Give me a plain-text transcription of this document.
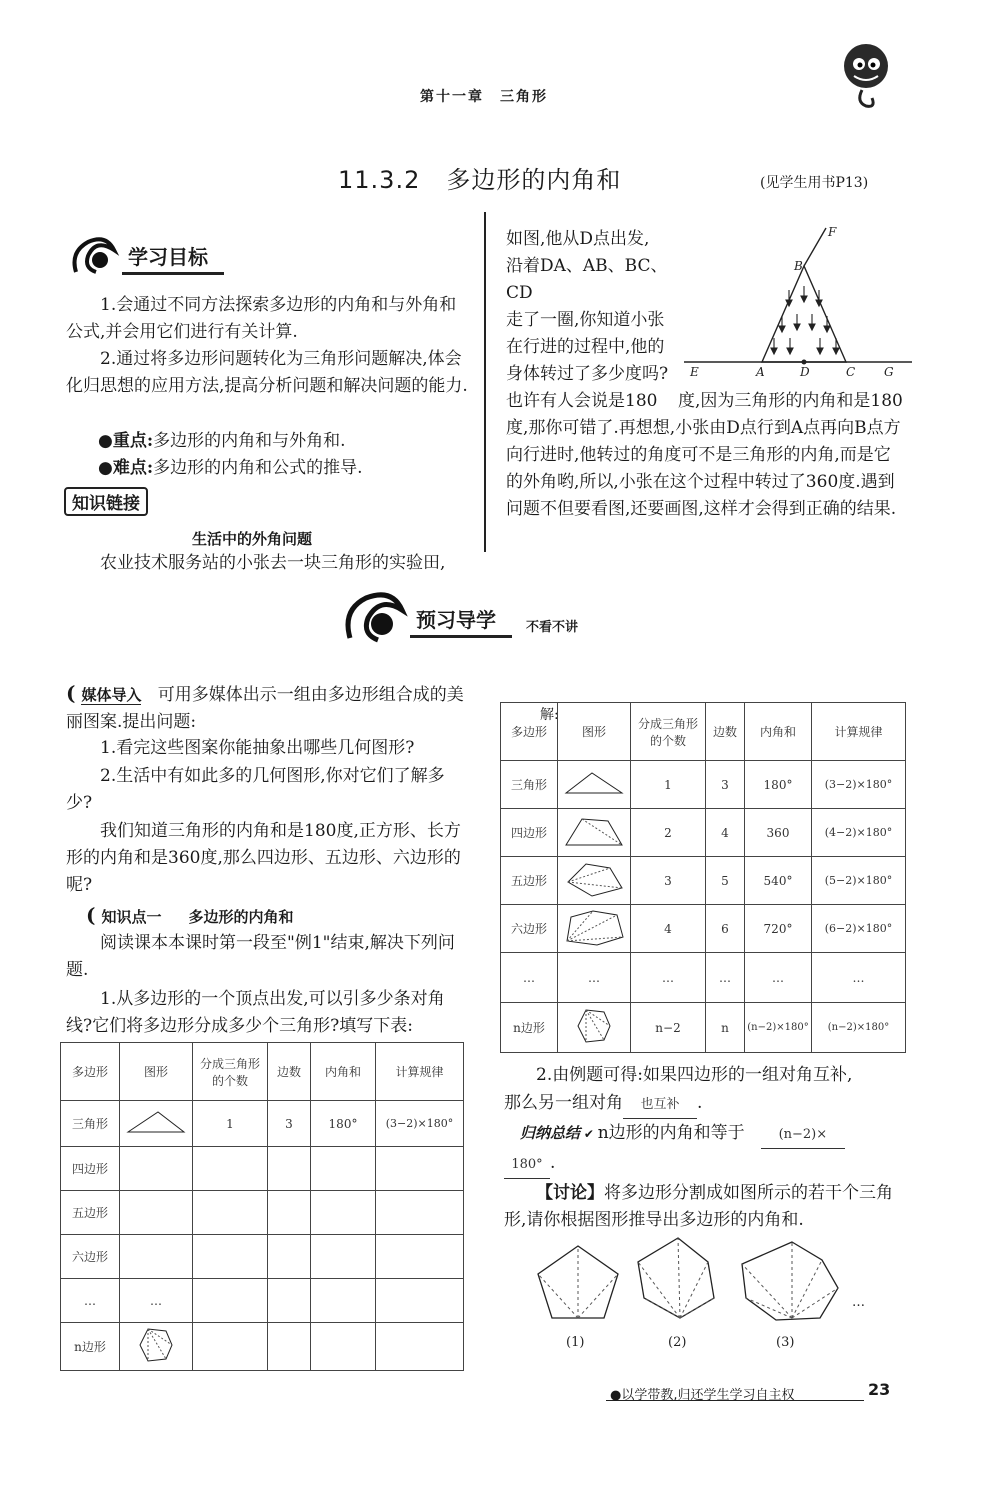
第十一章　三角形
11.3.2 多边形的内角和	(见学生用书P13)
学习目标
1.会通过不同方法探索多边形的内角和与外角和公式,并会用它们进行有关计算.
2.通过将多边形问题转化为三角形问题解决,体会化归思想的应用方法,提高分析问题和解决问题的能力.
●重点:多边形的内角和与外角和.
●难点:多边形的内角和公式的推导.
知识链接
生活中的外角问题
农业技术服务站的小张去一块三角形的实验田,
如图,他从D点出发,
沿着DA、AB、BC、CD
走了一圈,你知道小张
在行进的过程中,他的
身体转过了多少度吗?
也许有人会说是180	度,因为三角形的内角和是180度,那你可错了.再想想,小张由D点行到A点再向B点方向行进时,他转过的角度可不是三角形的内角,而是它的外角哟,所以,小张在这个过程中转过了360度.遇到问题不但要看图,还要画图,这样才会得到正确的结果.
F
B
E	A	D	C G
预习导学	不看不讲
( 媒体导入 可用多媒体出示一组由多边形组合成的美丽图案.提出问题:
1.看完这些图案你能抽象出哪些几何图形?
2.生活中有如此多的几何图形,你对它们了解多少?
我们知道三角形的内角和是180度,正方形、长方形的内角和是360度,那么四边形、五边形、六边形的呢?
( 知识点一 多边形的内角和
阅读课本本课时第一段至"例1"结束,解决下列问题.
1.从多边形的一个顶点出发,可以引多少条对角线?它们将多边形分成多少个三角形?填写下表:
多边形	图形	分成三角形的个数	边数	内角和	计算规律
三角形		1	3	180°	(3−2)×180°
四边形					
五边形					
六边形					
…	…				
n边形					
解:
多边形	图形	分成三角形的个数	边数	内角和	计算规律
三角形		1	3	180°	(3−2)×180°
四边形		2	4	360	(4−2)×180°
五边形		3	5	540°	(5−2)×180°
六边形		4	6	720°	(6−2)×180°
…	…	…	…	…	…
n边形		n−2	n	(n−2)×180°	(n−2)×180°
2.由例题可得:如果四边形的一组对角互补,
那么另一组对角 也互补 .
归纳总结 ✔ n边形的内角和等于	(n−2)×
180° .
【讨论】将多边形分割成如图所示的若干个三角形,请你根据图形推导出多边形的内角和.
(1)	(2)	(3)
…
●以学带教,归还学生学习自主权	23
